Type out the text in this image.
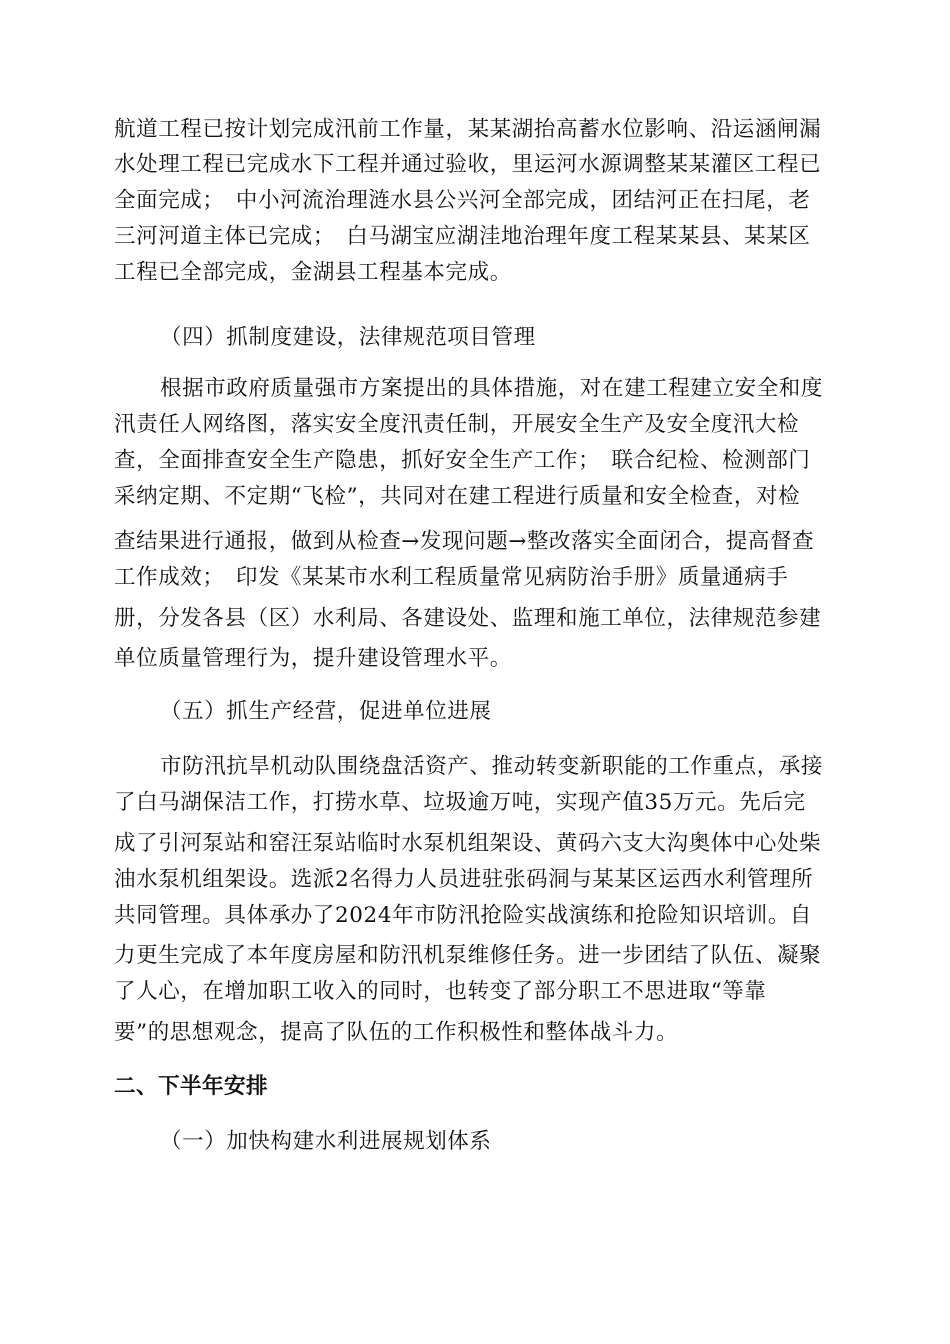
航道工程已按计划完成汛前工作量，某某湖抬高蓄水位影响、沿运涵闸漏
水处理工程已完成水下工程并通过验收，里运河水源调整某某灌区工程已
全面完成；　中小河流治理涟水县公兴河全部完成，团结河正在扫尾，老
三河河道主体已完成；　白马湖宝应湖洼地治理年度工程某某县、某某区
工程已全部完成，金湖县工程基本完成。
（四）抓制度建设，法律规范项目管理
根据市政府质量强市方案提出的具体措施，对在建工程建立安全和度
汛责任人网络图，落实安全度汛责任制，开展安全生产及安全度汛大检
查，全面排查安全生产隐患，抓好安全生产工作；　联合纪检、检测部门
采纳定期、不定期“飞检”，共同对在建工程进行质量和安全检查，对检
查结果进行通报，做到从检查→发现问题→整改落实全面闭合，提高督查
工作成效；　印发《某某市水利工程质量常见病防治手册》质量通病手
册，分发各县（区）水利局、各建设处、监理和施工单位，法律规范参建
单位质量管理行为，提升建设管理水平。
（五）抓生产经营，促进单位进展
市防汛抗旱机动队围绕盘活资产、推动转变新职能的工作重点，承接
了白马湖保洁工作，打捞水草、垃圾逾万吨，实现产值35万元。先后完
成了引河泵站和窑汪泵站临时水泵机组架设、黄码六支大沟奥体中心处柴
油水泵机组架设。选派2名得力人员进驻张码洞与某某区运西水利管理所
共同管理。具体承办了2024年市防汛抢险实战演练和抢险知识培训。自
力更生完成了本年度房屋和防汛机泵维修任务。进一步团结了队伍、凝聚
了人心，在增加职工收入的同时，也转变了部分职工不思进取“等靠
要”的思想观念，提高了队伍的工作积极性和整体战斗力。
二、下半年安排
（一）加快构建水利进展规划体系
